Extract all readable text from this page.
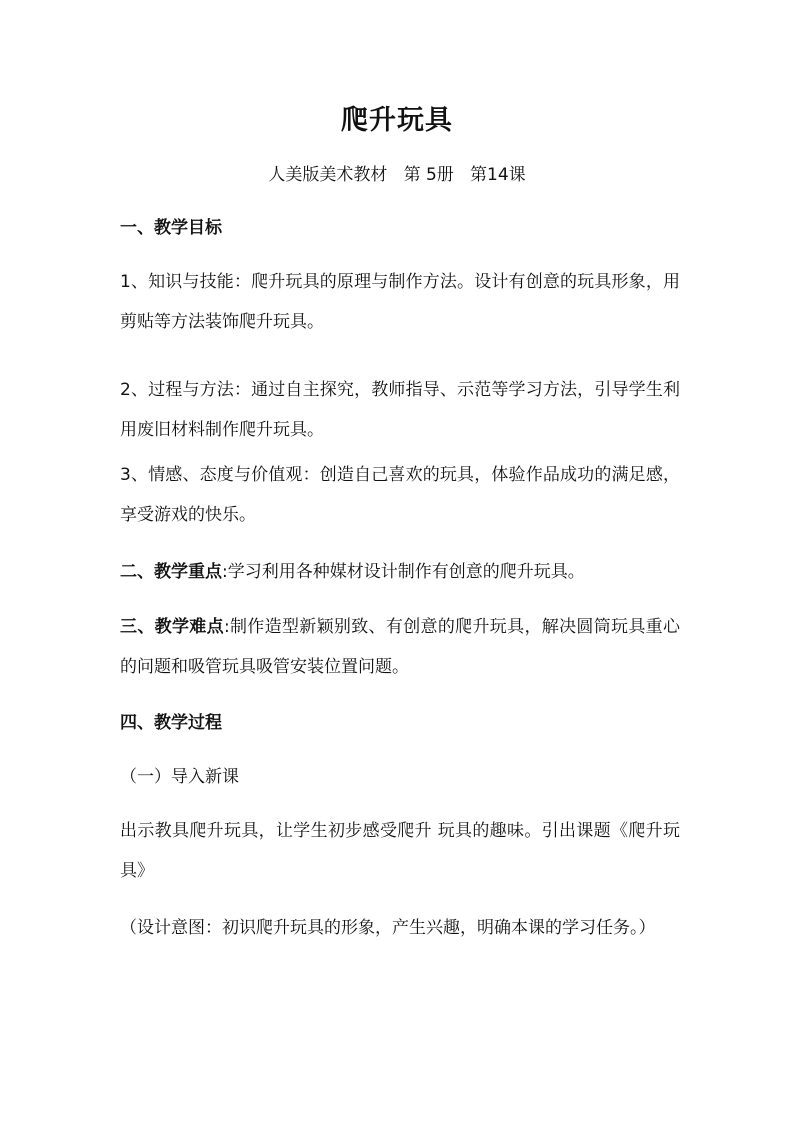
爬升玩具
人美版美术教材   第 5册   第14课
一、教学目标
1、知识与技能：爬升玩具的原理与制作方法。设计有创意的玩具形象，用剪贴等方法装饰爬升玩具。
2、过程与方法：通过自主探究，教师指导、示范等学习方法，引导学生利用废旧材料制作爬升玩具。
3、情感、态度与价值观：创造自己喜欢的玩具，体验作品成功的满足感，享受游戏的快乐。
二、教学重点:学习利用各种媒材设计制作有创意的爬升玩具。
三、教学难点:制作造型新颖别致、有创意的爬升玩具，解决圆筒玩具重心的问题和吸管玩具吸管安装位置问题。
四、教学过程
（一）导入新课
出示教具爬升玩具，让学生初步感受爬升 玩具的趣味。引出课题《爬升玩具》
（设计意图：初识爬升玩具的形象，产生兴趣，明确本课的学习任务。）
